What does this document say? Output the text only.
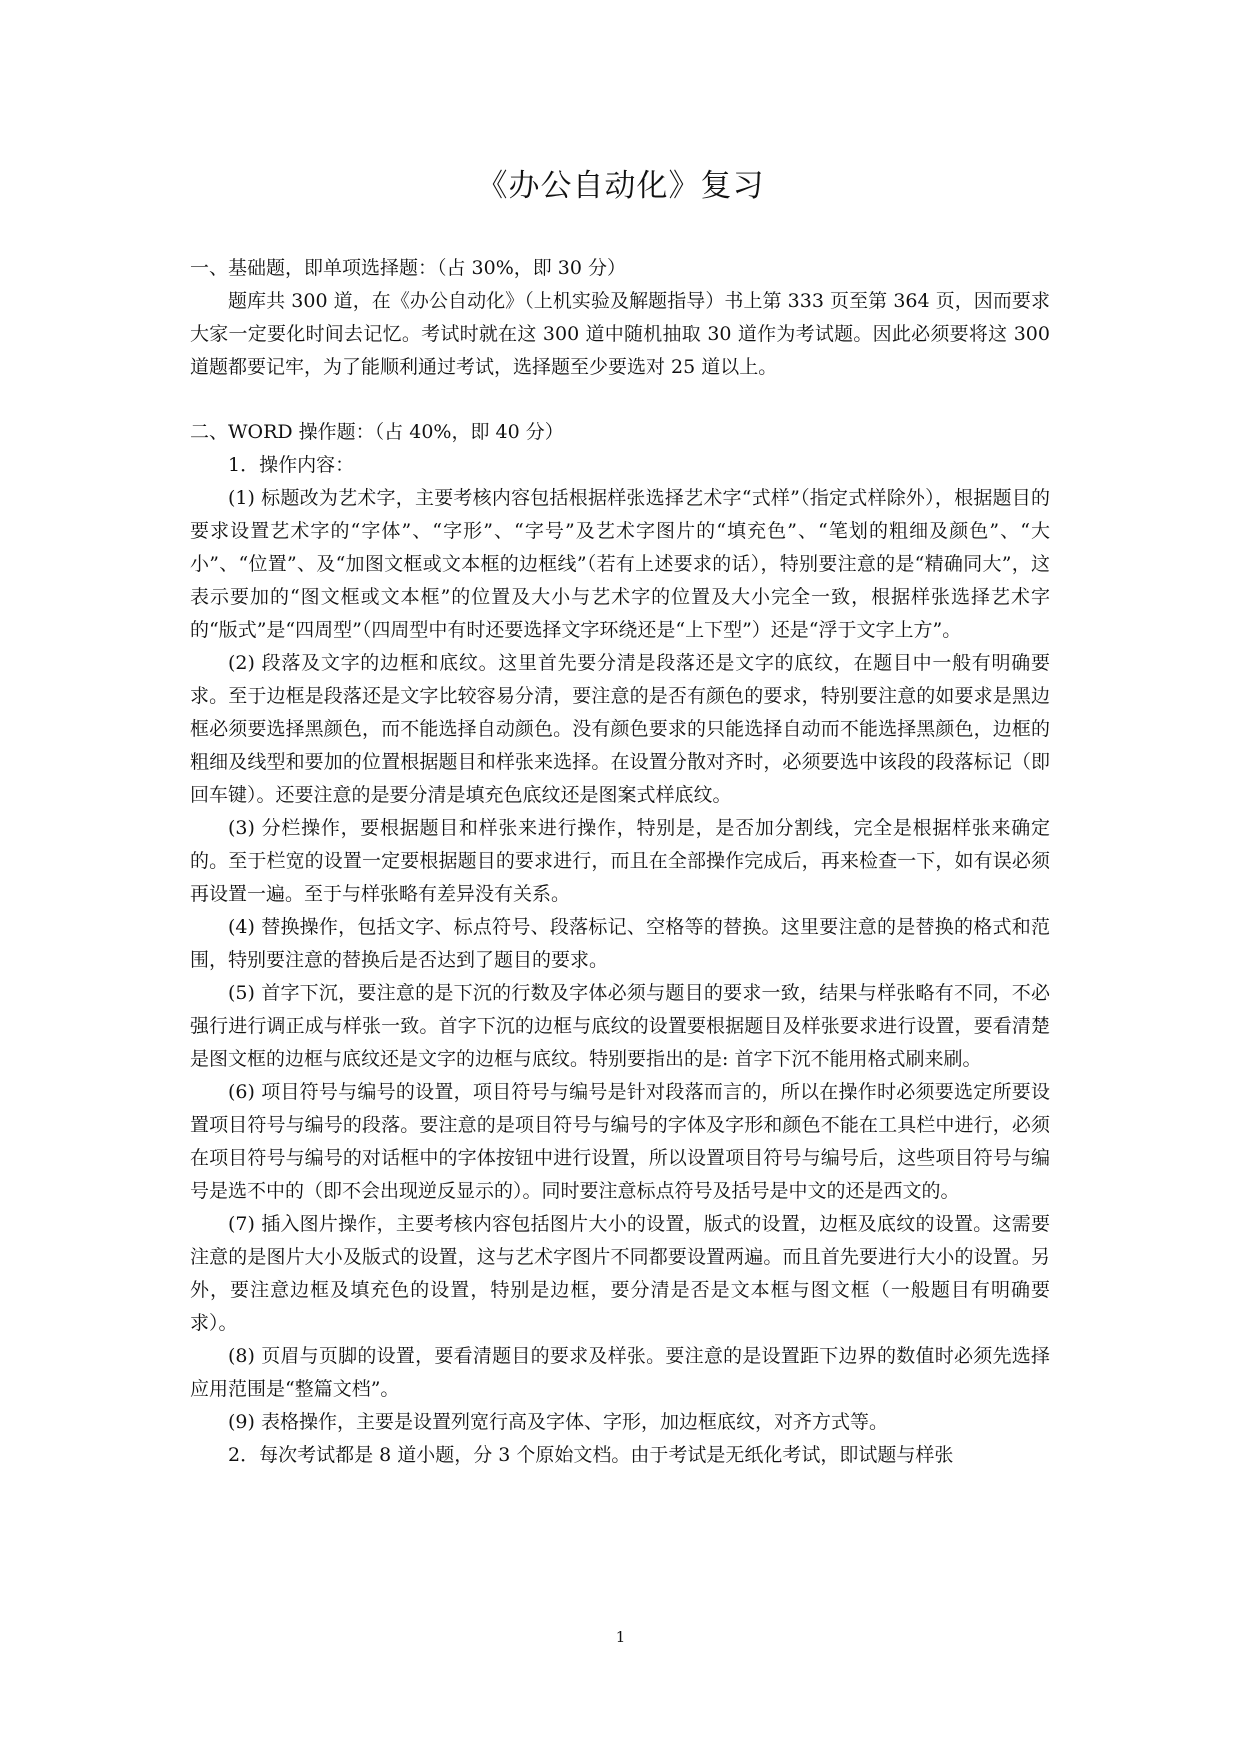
《办公自动化》复习

一、基础题，即单项选择题：（占 30%，即 30 分）

题库共 300 道，在《办公自动化》（上机实验及解题指导）书上第 333 页至第 364 页，因而要求大家一定要化时间去记忆。考试时就在这 300 道中随机抽取 30 道作为考试题。因此必须要将这 300 道题都要记牢，为了能顺利通过考试，选择题至少要选对 25 道以上。

二、WORD 操作题：（占 40%，即 40 分）

1．操作内容：

(1) 标题改为艺术字，主要考核内容包括根据样张选择艺术字“式样”（指定式样除外），根据题目的要求设置艺术字的“字体”、“字形”、“字号”及艺术字图片的“填充色”、“笔划的粗细及颜色”、“大小”、“位置”、及“加图文框或文本框的边框线”（若有上述要求的话），特别要注意的是“精确同大”，这表示要加的“图文框或文本框”的位置及大小与艺术字的位置及大小完全一致，根据样张选择艺术字的“版式”是“四周型”（四周型中有时还要选择文字环绕还是“上下型”）还是“浮于文字上方”。

(2) 段落及文字的边框和底纹。这里首先要分清是段落还是文字的底纹，在题目中一般有明确要求。至于边框是段落还是文字比较容易分清，要注意的是否有颜色的要求，特别要注意的如要求是黑边框必须要选择黑颜色，而不能选择自动颜色。没有颜色要求的只能选择自动而不能选择黑颜色，边框的粗细及线型和要加的位置根据题目和样张来选择。在设置分散对齐时，必须要选中该段的段落标记（即回车键）。还要注意的是要分清是填充色底纹还是图案式样底纹。

(3) 分栏操作，要根据题目和样张来进行操作，特别是，是否加分割线，完全是根据样张来确定的。至于栏宽的设置一定要根据题目的要求进行，而且在全部操作完成后，再来检查一下，如有误必须再设置一遍。至于与样张略有差异没有关系。

(4) 替换操作，包括文字、标点符号、段落标记、空格等的替换。这里要注意的是替换的格式和范围，特别要注意的替换后是否达到了题目的要求。

(5) 首字下沉，要注意的是下沉的行数及字体必须与题目的要求一致，结果与样张略有不同，不必强行进行调正成与样张一致。首字下沉的边框与底纹的设置要根据题目及样张要求进行设置，要看清楚是图文框的边框与底纹还是文字的边框与底纹。特别要指出的是: 首字下沉不能用格式刷来刷。

(6) 项目符号与编号的设置，项目符号与编号是针对段落而言的，所以在操作时必须要选定所要设置项目符号与编号的段落。要注意的是项目符号与编号的字体及字形和颜色不能在工具栏中进行，必须在项目符号与编号的对话框中的字体按钮中进行设置，所以设置项目符号与编号后，这些项目符号与编号是选不中的（即不会出现逆反显示的）。同时要注意标点符号及括号是中文的还是西文的。

(7) 插入图片操作，主要考核内容包括图片大小的设置，版式的设置，边框及底纹的设置。这需要注意的是图片大小及版式的设置，这与艺术字图片不同都要设置两遍。而且首先要进行大小的设置。另外，要注意边框及填充色的设置，特别是边框，要分清是否是文本框与图文框（一般题目有明确要求）。

(8) 页眉与页脚的设置，要看清题目的要求及样张。要注意的是设置距下边界的数值时必须先选择应用范围是“整篇文档”。

(9) 表格操作，主要是设置列宽行高及字体、字形，加边框底纹，对齐方式等。

2．每次考试都是 8 道小题，分 3 个原始文档。由于考试是无纸化考试，即试题与样张

1
